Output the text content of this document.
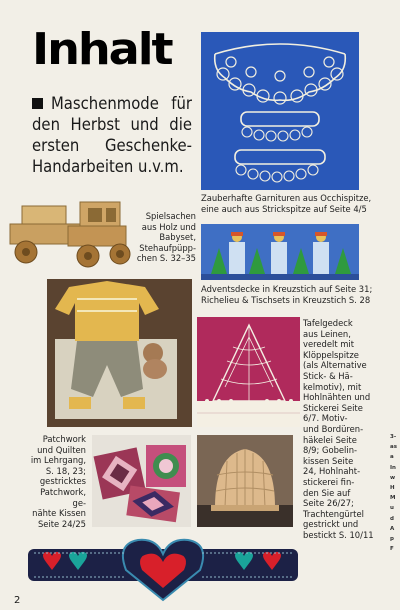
Inhalt
Maschenmode für den Herbst und die ersten Geschenke-Handarbeiten u.v.m.
Zauberhafte Garnituren aus Occhispitze,
eine auch aus Strickspitze auf Seite 4/5
Spielsachen
aus Holz und
Babyset,
Stehaufpüpp-
chen S. 32–35
Adventsdecke in Kreuzstich auf Seite 31;
Richelieu & Tischsets in Kreuzstich S. 28
Tafelgedeck
aus Leinen,
veredelt mit
Klöppelspitze
(als Alternative
Stick- & Hä-
kelmotiv), mit
Hohlnähten und
Stickerei Seite
6/7. Motiv-
und Bordüren-
häkelei Seite
8/9; Gobelin-
kissen Seite
24, Hohlnaht-
stickerei fin-
den Sie auf
Seite 26/27;
Trachtengürtel
gestrickt und
bestickt S. 10/11
Patchwork
und Quilten
im Lehrgang,
S. 18, 23;
gestricktes
Patchwork, ge-
nähte Kissen
Seite 24/25
3-
as
a
In
w
H
M
u
d
A
p
F
2
